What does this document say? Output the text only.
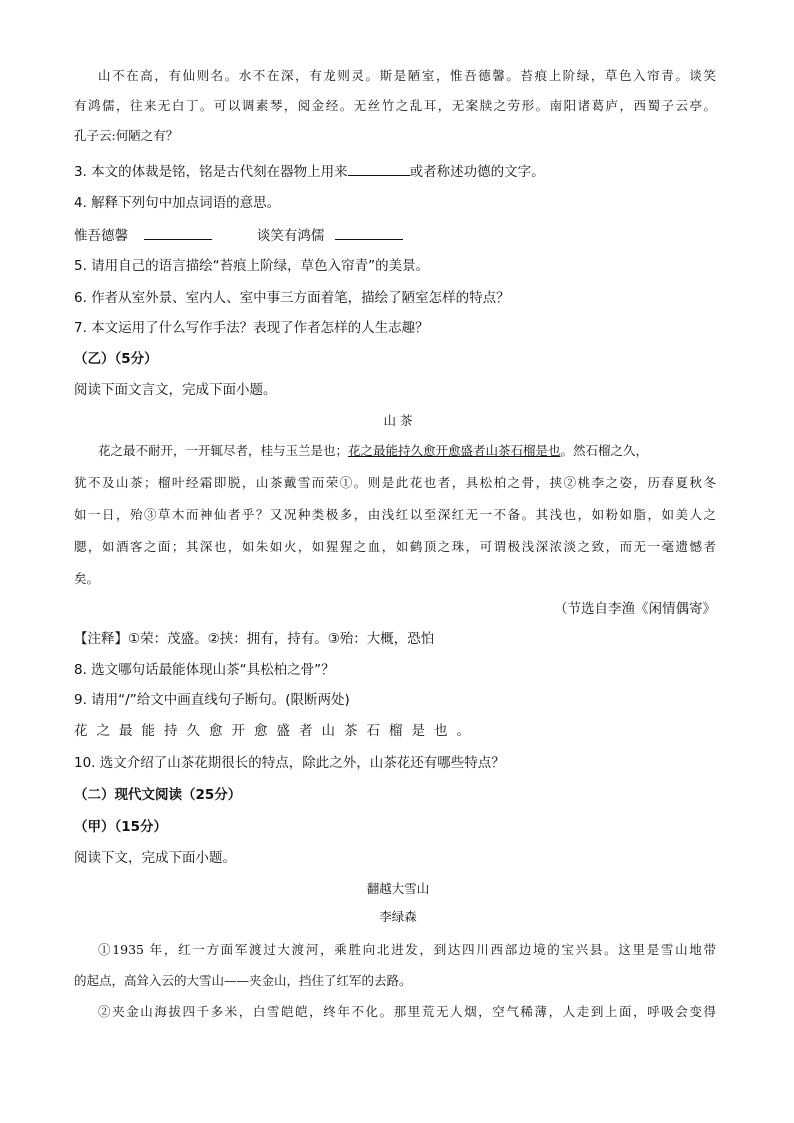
山不在高，有仙则名。水不在深，有龙则灵。斯是陋室，惟吾德馨。苔痕上阶绿，草色入帘青。谈笑
有鸿儒，往来无白丁。可以调素琴，阅金经。无丝竹之乱耳，无案牍之劳形。南阳诸葛庐，西蜀子云亭。
孔子云:何陋之有？
3. 本文的体裁是铭，铭是古代刻在器物上用来	或者称述功德的文字。
4. 解释下列句中加点词语的意思。
惟吾德馨	谈笑有鸿儒
5. 请用自己的语言描绘“苔痕上阶绿，草色入帘青”的美景。
6. 作者从室外景、室内人、室中事三方面着笔，描绘了陋室怎样的特点？
7. 本文运用了什么写作手法？表现了作者怎样的人生志趣？
（乙）（5分）
阅读下面文言文，完成下面小题。
山 茶
花之最不耐开，一开辄尽者，桂与玉兰是也；花之最能持久愈开愈盛者山茶石榴是也。然石榴之久，
犹不及山茶；榴叶经霜即脱，山茶戴雪而荣①。则是此花也者，具松柏之骨，挟②桃李之姿，历春夏秋冬
如一日，殆③草木而神仙者乎？又况种类极多，由浅红以至深红无一不备。其浅也，如粉如脂，如美人之
腮，如酒客之面；其深也，如朱如火，如猩猩之血，如鹤顶之珠，可谓极浅深浓淡之致，而无一毫遗憾者
矣。
（节选自李渔《闲情偶寄》
【注释】①荣：茂盛。②挟：拥有，持有。③殆：大概，恐怕
8. 选文哪句话最能体现山茶“具松柏之骨”？
9. 请用“/”给文中画直线句子断句。(限断两处)
花之最能持久愈开愈盛者山茶石榴是也。
10. 选文介绍了山茶花期很长的特点，除此之外，山茶花还有哪些特点？
（二）现代文阅读（25分）
（甲）（15分）
阅读下文，完成下面小题。
翻越大雪山
李绿森
①1935 年，红一方面军渡过大渡河，乘胜向北进发，到达四川西部边境的宝兴县。这里是雪山地带
的起点，高耸入云的大雪山——夹金山，挡住了红军的去路。
②夹金山海拔四千多米，白雪皑皑，终年不化。那里荒无人烟，空气稀薄，人走到上面，呼吸会变得
